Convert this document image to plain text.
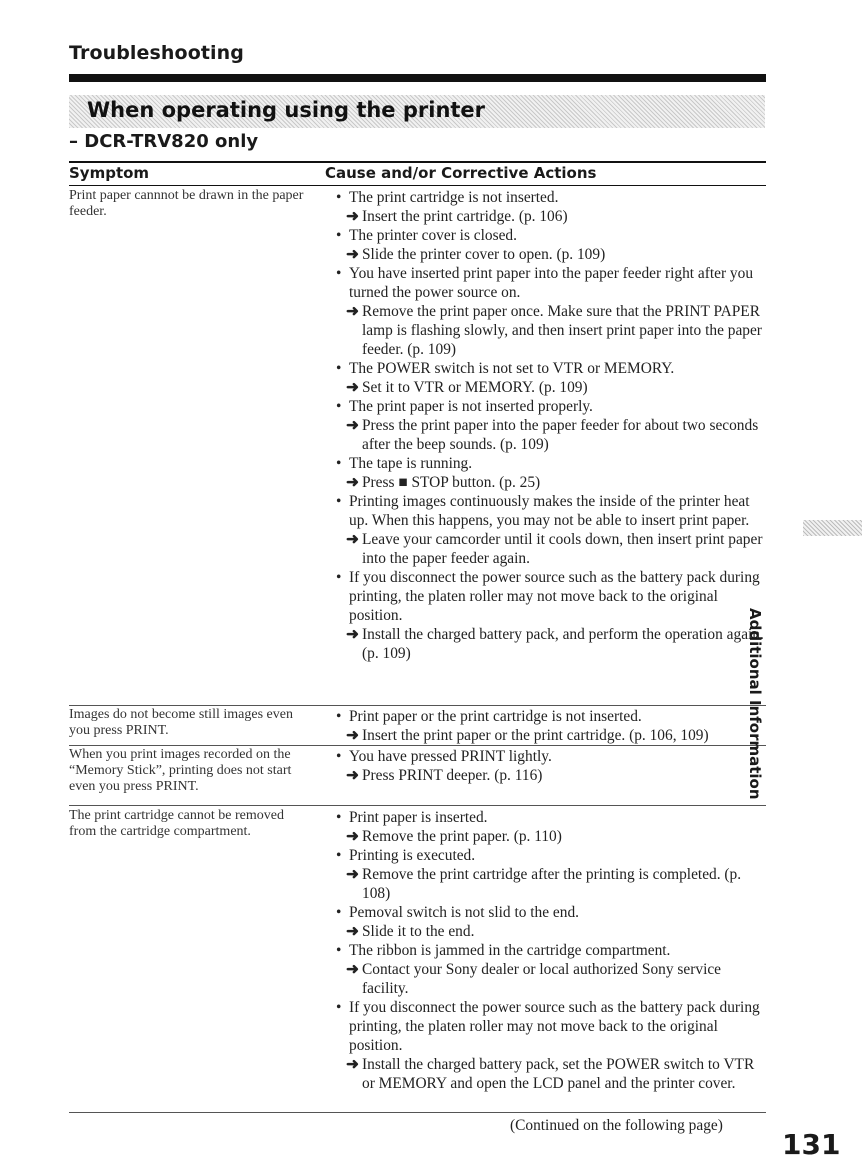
Troubleshooting
When operating using the printer
– DCR-TRV820 only
Symptom	Cause and/or Corrective Actions
Print paper cannnot be drawn in the paper feeder.
• The print cartridge is not inserted.
➜ Insert the print cartridge. (p. 106)
• The printer cover is closed.
➜ Slide the printer cover to open. (p. 109)
• You have inserted print paper into the paper feeder right after you turned the power source on.
➜ Remove the print paper once. Make sure that the PRINT PAPER lamp is flashing slowly, and then insert print paper into the paper feeder. (p. 109)
• The POWER switch is not set to VTR or MEMORY.
➜ Set it to VTR or MEMORY. (p. 109)
• The print paper is not inserted properly.
➜ Press the print paper into the paper feeder for about two seconds after the beep sounds. (p. 109)
• The tape is running.
➜ Press ■ STOP button. (p. 25)
• Printing images continuously makes the inside of the printer heat up. When this happens, you may not be able to insert print paper.
➜ Leave your camcorder until it cools down, then insert print paper into the paper feeder again.
• If you disconnect the power source such as the battery pack during printing, the platen roller may not move back to the original position.
➜ Install the charged battery pack, and perform the operation again.(p. 109)
Images do not become still images even you press PRINT.
• Print paper or the print cartridge is not inserted.
➜ Insert the print paper or the print cartridge. (p. 106, 109)
When you print images recorded on the “Memory Stick”, printing does not start even you press PRINT.
• You have pressed PRINT lightly.
➜ Press PRINT deeper. (p. 116)
The print cartridge cannot be removed from the cartridge compartment.
• Print paper is inserted.
➜ Remove the print paper. (p. 110)
• Printing is executed.
➜ Remove the print cartridge after the printing is completed. (p. 108)
• Pemoval switch is not slid to the end.
➜ Slide it to the end.
• The ribbon is jammed in the cartridge compartment.
➜ Contact your Sony dealer or local authorized Sony service facility.
• If you disconnect the power source such as the battery pack during printing, the platen roller may not move back to the original position.
➜ Install the charged battery pack, set the POWER switch to VTR or MEMORY and open the LCD panel and the printer cover.
Additional Information
(Continued on the following page)
131
